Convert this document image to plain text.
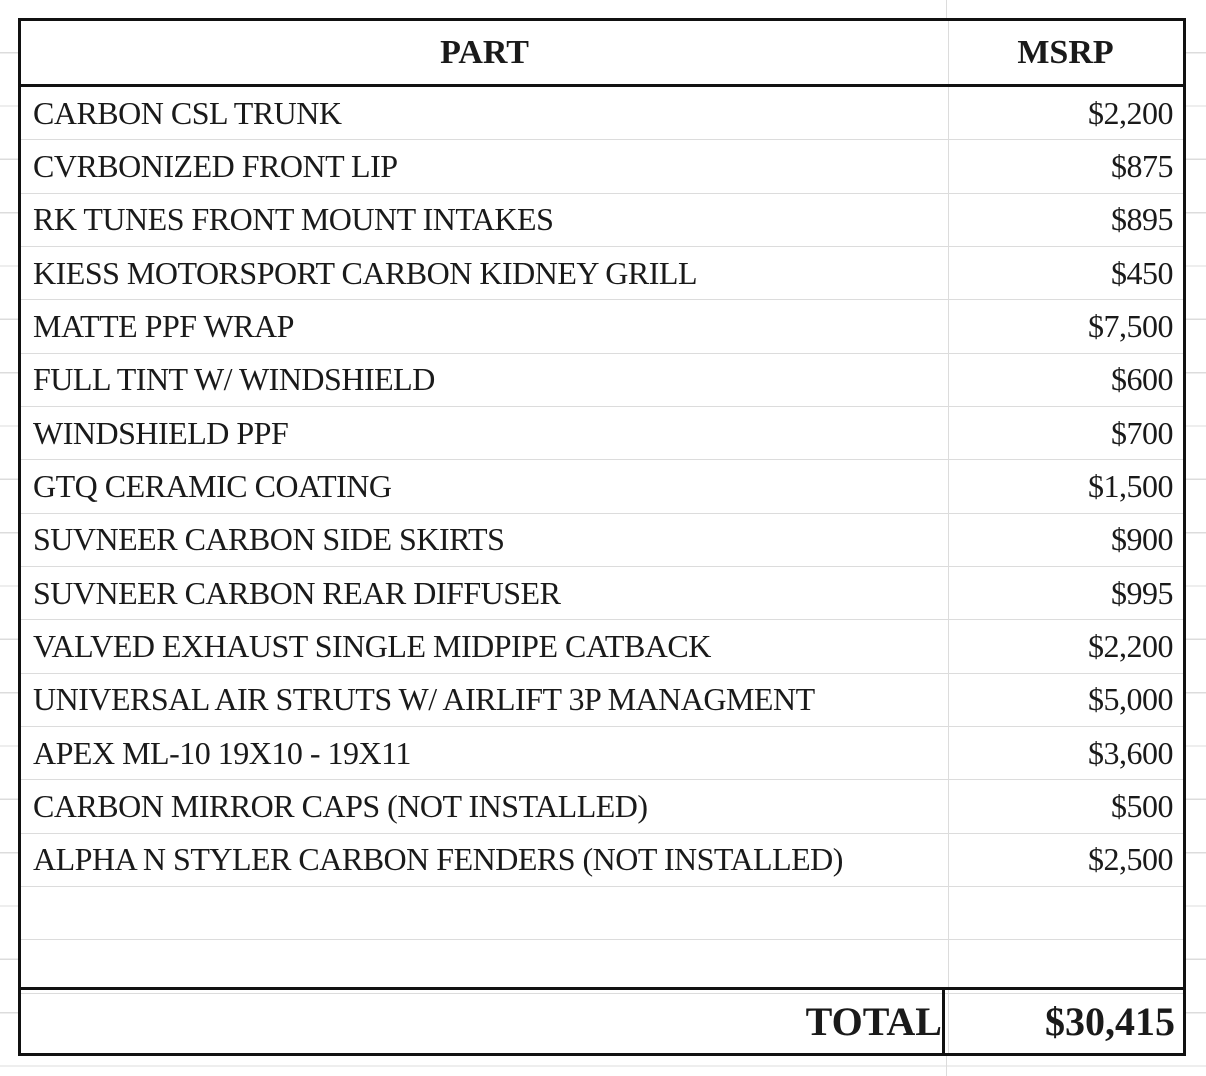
PART	MSRP
CARBON CSL TRUNK	$2,200
CVRBONIZED FRONT LIP	$875
RK TUNES FRONT MOUNT INTAKES	$895
KIESS MOTORSPORT CARBON KIDNEY GRILL	$450
MATTE PPF WRAP	$7,500
FULL TINT W/ WINDSHIELD	$600
WINDSHIELD PPF	$700
GTQ CERAMIC COATING	$1,500
SUVNEER CARBON SIDE SKIRTS	$900
SUVNEER CARBON REAR DIFFUSER	$995
VALVED EXHAUST SINGLE MIDPIPE CATBACK	$2,200
UNIVERSAL AIR STRUTS W/ AIRLIFT 3P MANAGMENT	$5,000
APEX ML-10 19X10 - 19X11	$3,600
CARBON MIRROR CAPS (NOT INSTALLED)	$500
ALPHA N STYLER CARBON FENDERS (NOT INSTALLED)	$2,500
TOTAL	$30,415
